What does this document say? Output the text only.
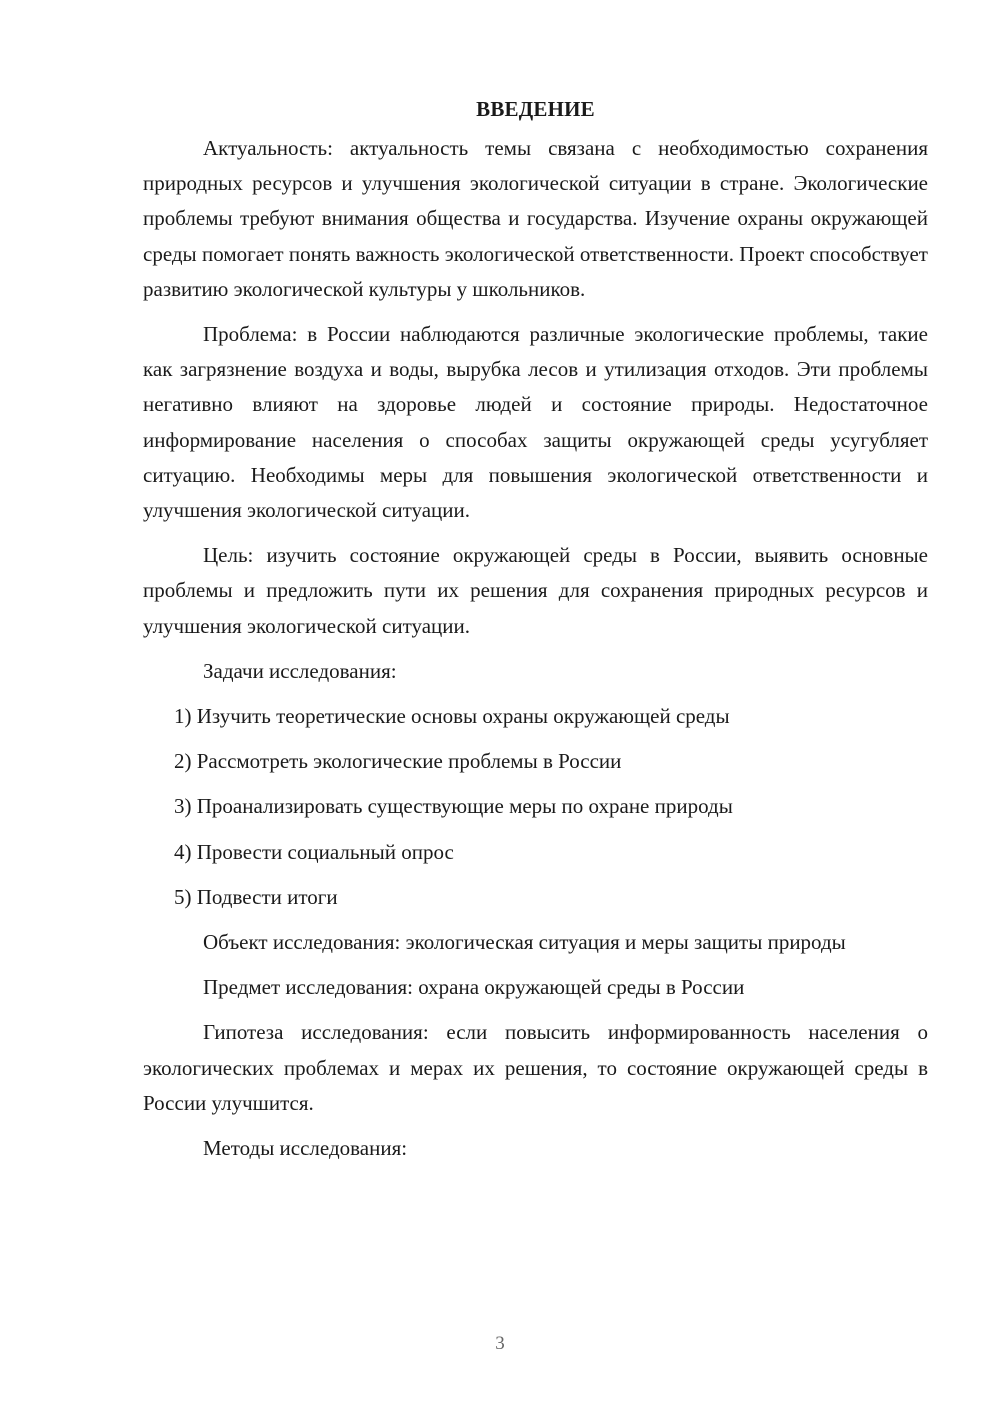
ВВЕДЕНИЕ

Актуальность: актуальность темы связана с необходимостью сохранения природных ресурсов и улучшения экологической ситуации в стране. Экологические проблемы требуют внимания общества и государства. Изучение охраны окружающей среды помогает понять важность экологической ответственности. Проект способствует развитию экологической культуры у школьников.

Проблема: в России наблюдаются различные экологические проблемы, такие как загрязнение воздуха и воды, вырубка лесов и утилизация отходов. Эти проблемы негативно влияют на здоровье людей и состояние природы. Недостаточное информирование населения о способах защиты окружающей среды усугубляет ситуацию. Необходимы меры для повышения экологической ответственности и улучшения экологической ситуации.

Цель: изучить состояние окружающей среды в России, выявить основные проблемы и предложить пути их решения для сохранения природных ресурсов и улучшения экологической ситуации.

Задачи исследования:

1) Изучить теоретические основы охраны окружающей среды
2) Рассмотреть экологические проблемы в России
3) Проанализировать существующие меры по охране природы
4) Провести социальный опрос
5) Подвести итоги

Объект исследования: экологическая ситуация и меры защиты природы

Предмет исследования: охрана окружающей среды в России

Гипотеза исследования: если повысить информированность населения о экологических проблемах и мерах их решения, то состояние окружающей среды в России улучшится.

Методы исследования:

3
